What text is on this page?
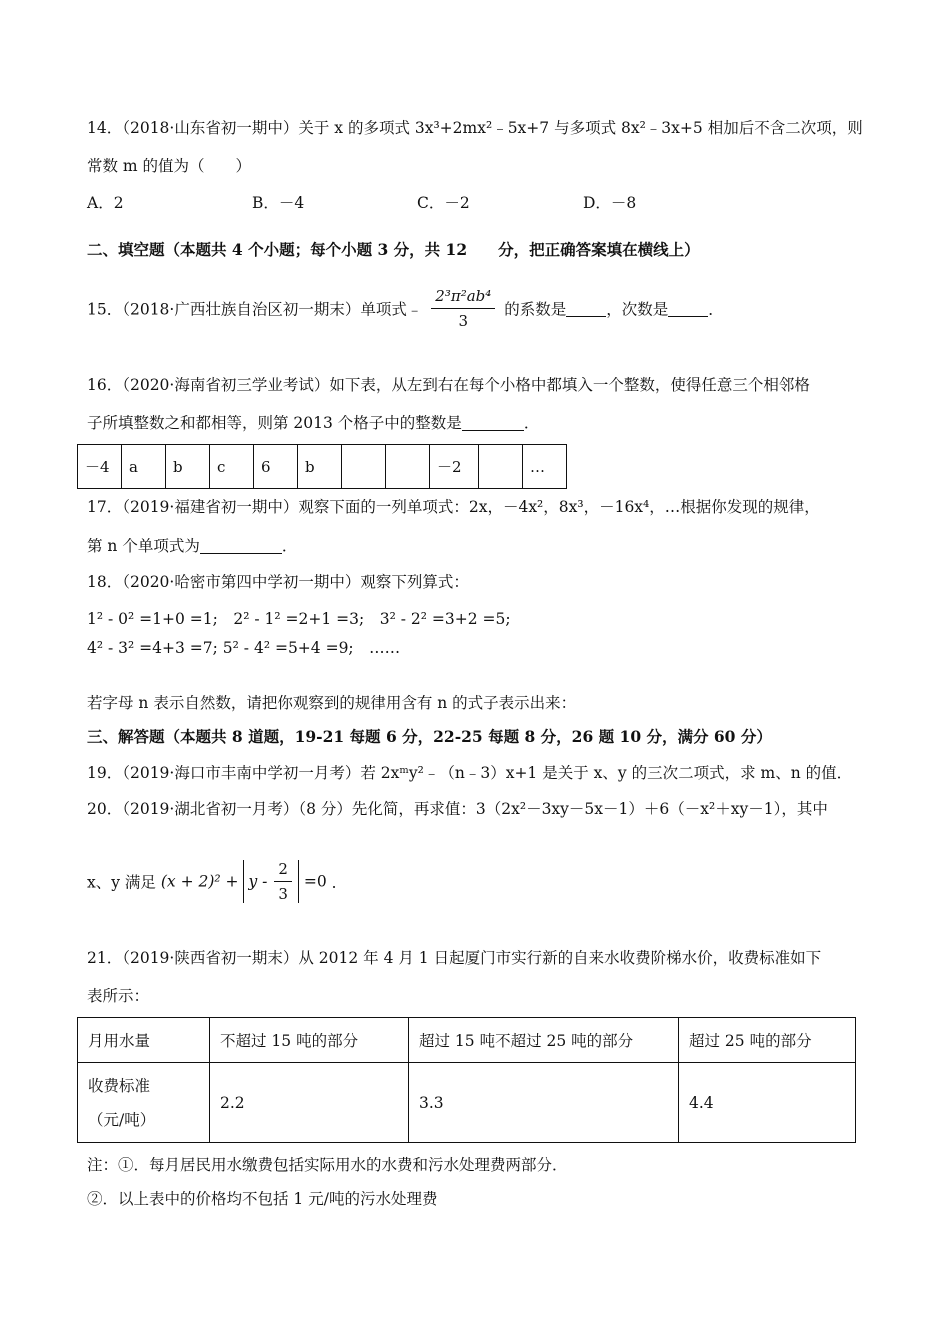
14．（2018·山东省初一期中）关于 x 的多项式 3x³+2mx²﹣5x+7 与多项式 8x²﹣3x+5 相加后不含二次项，则
常数 m 的值为（　　）
A．2	B．－4	C．－2	D．－8
二、填空题（本题共 4 个小题；每个小题 3 分，共 12　　分，把正确答案填在横线上）
15．（2018·广西壮族自治区初一期末）单项式﹣ $\frac{\text{2³π²ab⁴}}{3}$ 的系数是	，次数是	．
16．（2020·海南省初三学业考试）如下表，从左到右在每个小格中都填入一个整数，使得任意三个相邻格
子所填整数之和都相等，则第 2013 个格子中的整数是	．
－4	a	b	c	6	b			－2		…
17．（2019·福建省初一期中）观察下面的一列单项式：2x，－4x²，8x³，－16x⁴，…根据你发现的规律，
第 n 个单项式为	．
18．（2020·哈密市第四中学初一期中）观察下列算式：
1² - 0² =1+0 =1;　2² - 1² =2+1 =3;　3² - 2² =3+2 =5;
4² - 3² =4+3 =7; 5² - 4² =5+4 =9;　……
若字母 n 表示自然数，请把你观察到的规律用含有 n 的式子表示出来：
三、解答题（本题共 8 道题，19-21 每题 6 分，22-25 每题 8 分，26 题 10 分，满分 60 分）
19．（2019·海口市丰南中学初一月考）若 2xᵐy²﹣（n﹣3）x+1 是关于 x、y 的三次二项式，求 m、n 的值．
20．（2019·湖北省初一月考）（8 分）先化简，再求值：3（2x²－3xy－5x－1）＋6（－x²＋xy－1），其中
x、y 满足 $(x + 2)^2 + y - \frac{2}{3} =0$ ．
21．（2019·陕西省初一期末）从 2012 年 4 月 1 日起厦门市实行新的自来水收费阶梯水价，收费标准如下
表所示：
月用水量	不超过 15 吨的部分	超过 15 吨不超过 25 吨的部分	超过 25 吨的部分

收费标准
（元/吨）	2.2	3.3	4.4
注：①．每月居民用水缴费包括实际用水的水费和污水处理费两部分．
②．以上表中的价格均不包括 1 元/吨的污水处理费
